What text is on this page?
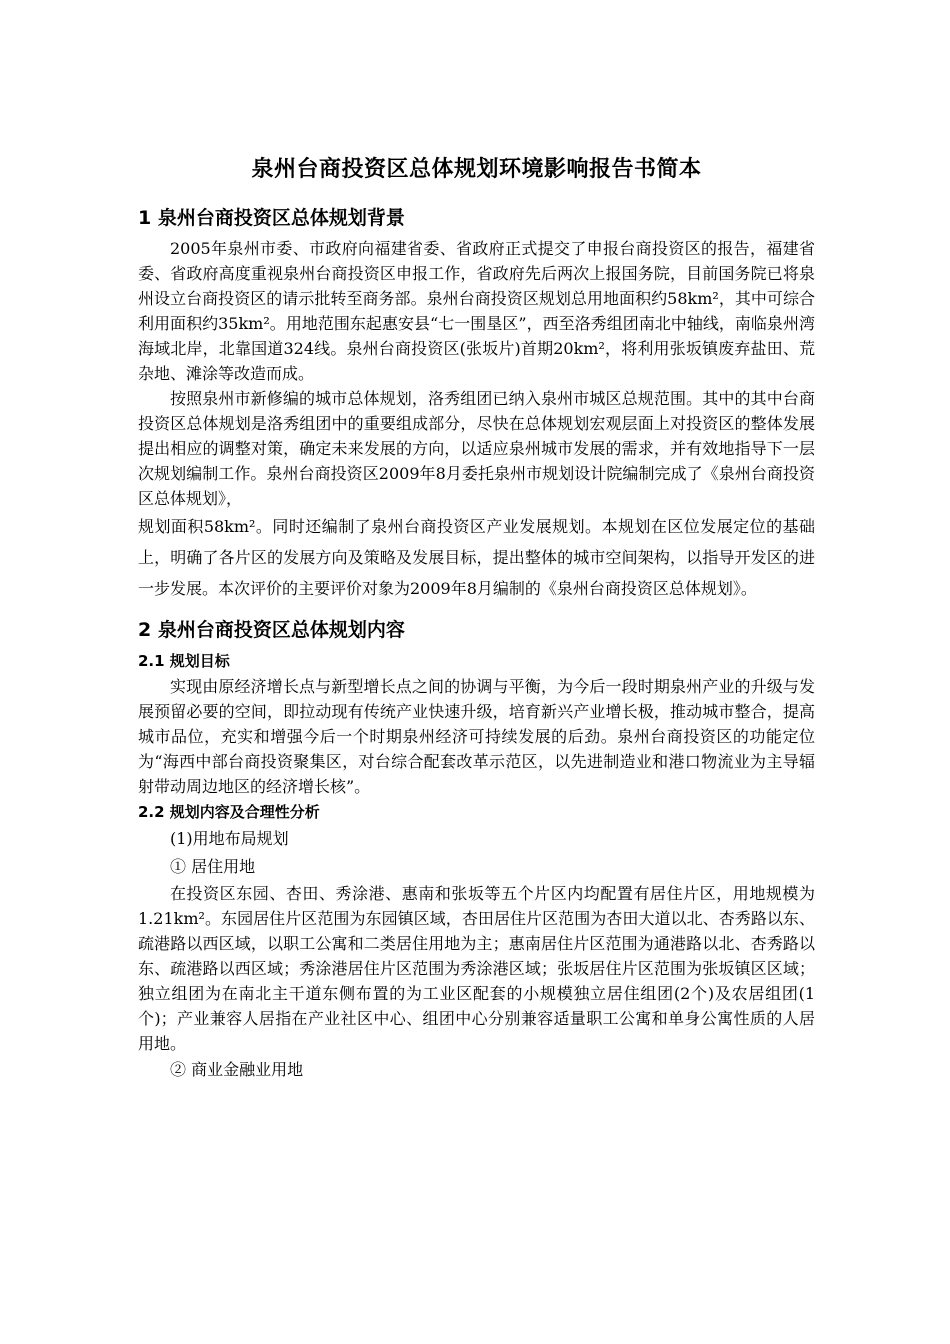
泉州台商投资区总体规划环境影响报告书简本
1 泉州台商投资区总体规划背景

2005年泉州市委、市政府向福建省委、省政府正式提交了申报台商投资区的报告，福建省委、省政府高度重视泉州台商投资区申报工作，省政府先后两次上报国务院，目前国务院已将泉州设立台商投资区的请示批转至商务部。泉州台商投资区规划总用地面积约58km²，其中可综合利用面积约35km²。用地范围东起惠安县“七一围垦区”，西至洛秀组团南北中轴线，南临泉州湾海域北岸，北靠国道324线。泉州台商投资区(张坂片)首期20km²，将利用张坂镇废弃盐田、荒杂地、滩涂等改造而成。

按照泉州市新修编的城市总体规划，洛秀组团已纳入泉州市城区总规范围。其中的其中台商投资区总体规划是洛秀组团中的重要组成部分，尽快在总体规划宏观层面上对投资区的整体发展提出相应的调整对策，确定未来发展的方向，以适应泉州城市发展的需求，并有效地指导下一层次规划编制工作。泉州台商投资区2009年8月委托泉州市规划设计院编制完成了《泉州台商投资区总体规划》，

规划面积58km²。同时还编制了泉州台商投资区产业发展规划。本规划在区位发展定位的基础上，明确了各片区的发展方向及策略及发展目标，提出整体的城市空间架构，以指导开发区的进一步发展。本次评价的主要评价对象为2009年8月编制的《泉州台商投资区总体规划》。

2 泉州台商投资区总体规划内容
2.1 规划目标

实现由原经济增长点与新型增长点之间的协调与平衡，为今后一段时期泉州产业的升级与发展预留必要的空间，即拉动现有传统产业快速升级，培育新兴产业增长极，推动城市整合，提高城市品位，充实和增强今后一个时期泉州经济可持续发展的后劲。泉州台商投资区的功能定位为“海西中部台商投资聚集区，对台综合配套改革示范区，以先进制造业和港口物流业为主导辐射带动周边地区的经济增长核”。

2.2 规划内容及合理性分析

(1)用地布局规划

① 居住用地

在投资区东园、杏田、秀涂港、惠南和张坂等五个片区内均配置有居住片区，用地规模为1.21km²。东园居住片区范围为东园镇区域，杏田居住片区范围为杏田大道以北、杏秀路以东、疏港路以西区域，以职工公寓和二类居住用地为主；惠南居住片区范围为通港路以北、杏秀路以东、疏港路以西区域；秀涂港居住片区范围为秀涂港区域；张坂居住片区范围为张坂镇区区域；独立组团为在南北主干道东侧布置的为工业区配套的小规模独立居住组团(2个)及农居组团(1个)；产业兼容人居指在产业社区中心、组团中心分别兼容适量职工公寓和单身公寓性质的人居用地。

② 商业金融业用地
